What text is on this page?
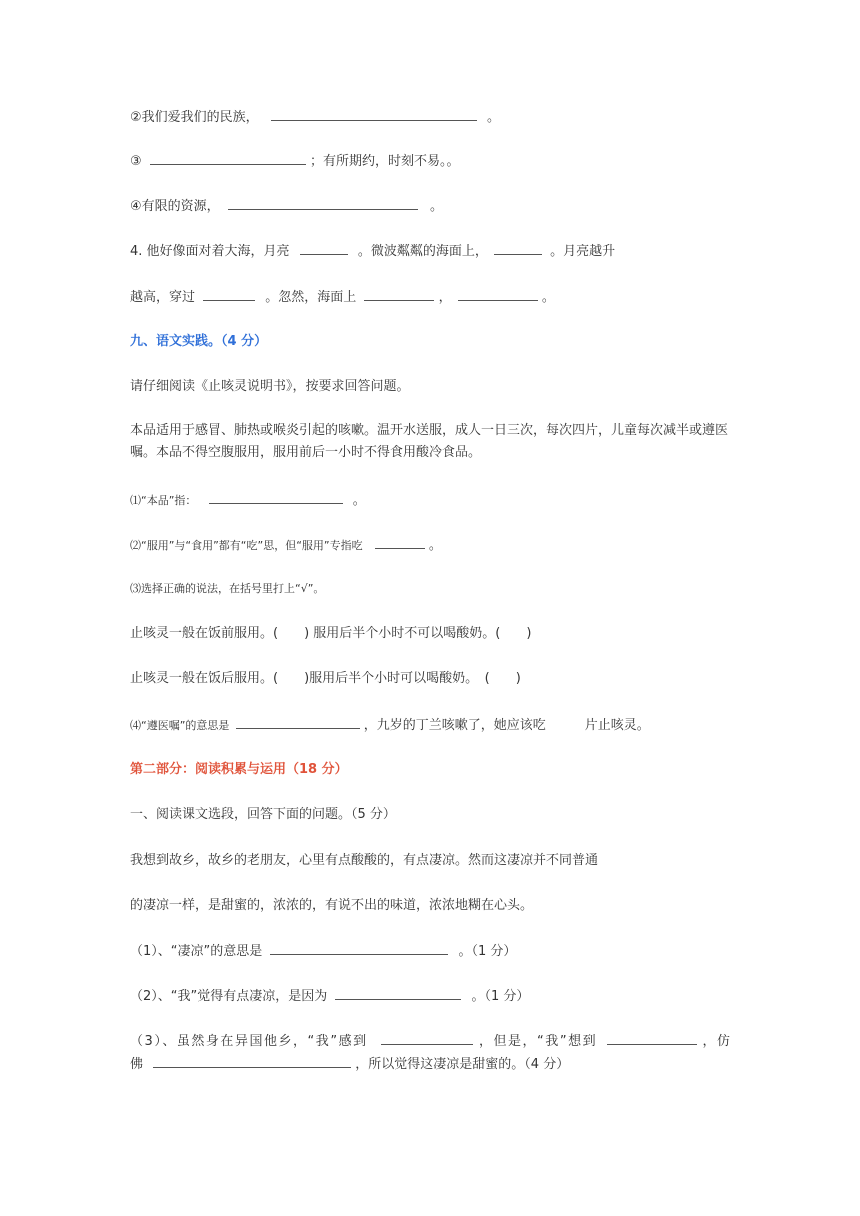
②我们爱我们的民族，	。
③	；有所期约，时刻不易。。
④有限的资源，	。
4. 他好像面对着大海，月亮	。微波粼粼的海面上，	。月亮越升
越高，穿过	。忽然，海面上	，	。
九、语文实践。（4 分）
请仔细阅读《止咳灵说明书》，按要求回答问题。
本品适用于感冒、肺热或喉炎引起的咳嗽。温开水送服，成人一日三次，每次四片，儿童每次减半或遵医嘱。本品不得空腹服用，服用前后一小时不得食用酸冷食品。
⑴“本品”指：	。
⑵“服用”与“食用”都有“吃”思，但“服用”专指吃	。
⑶选择正确的说法，在括号里打上“√”。
止咳灵一般在饭前服用。(　　) 服用后半个小时不可以喝酸奶。(　　)
止咳灵一般在饭后服用。(　　)服用后半个小时可以喝酸奶。　(　　)
⑷“遵医嘱”的意思是	，九岁的丁兰咳嗽了，她应该吃　　　片止咳灵。
第二部分：阅读积累与运用（18 分）
一、阅读课文选段，回答下面的问题。（5 分）
我想到故乡，故乡的老朋友，心里有点酸酸的，有点凄凉。然而这凄凉并不同普通
的凄凉一样，是甜蜜的，浓浓的，有说不出的味道，浓浓地糊在心头。
（1）、“凄凉”的意思是	。（1 分）
（2）、“我”觉得有点凄凉，是因为	。（1 分）
（3）、虽然身在异国他乡，“我”感到	，但是，“我”想到	，仿
佛	，所以觉得这凄凉是甜蜜的。（4 分）
